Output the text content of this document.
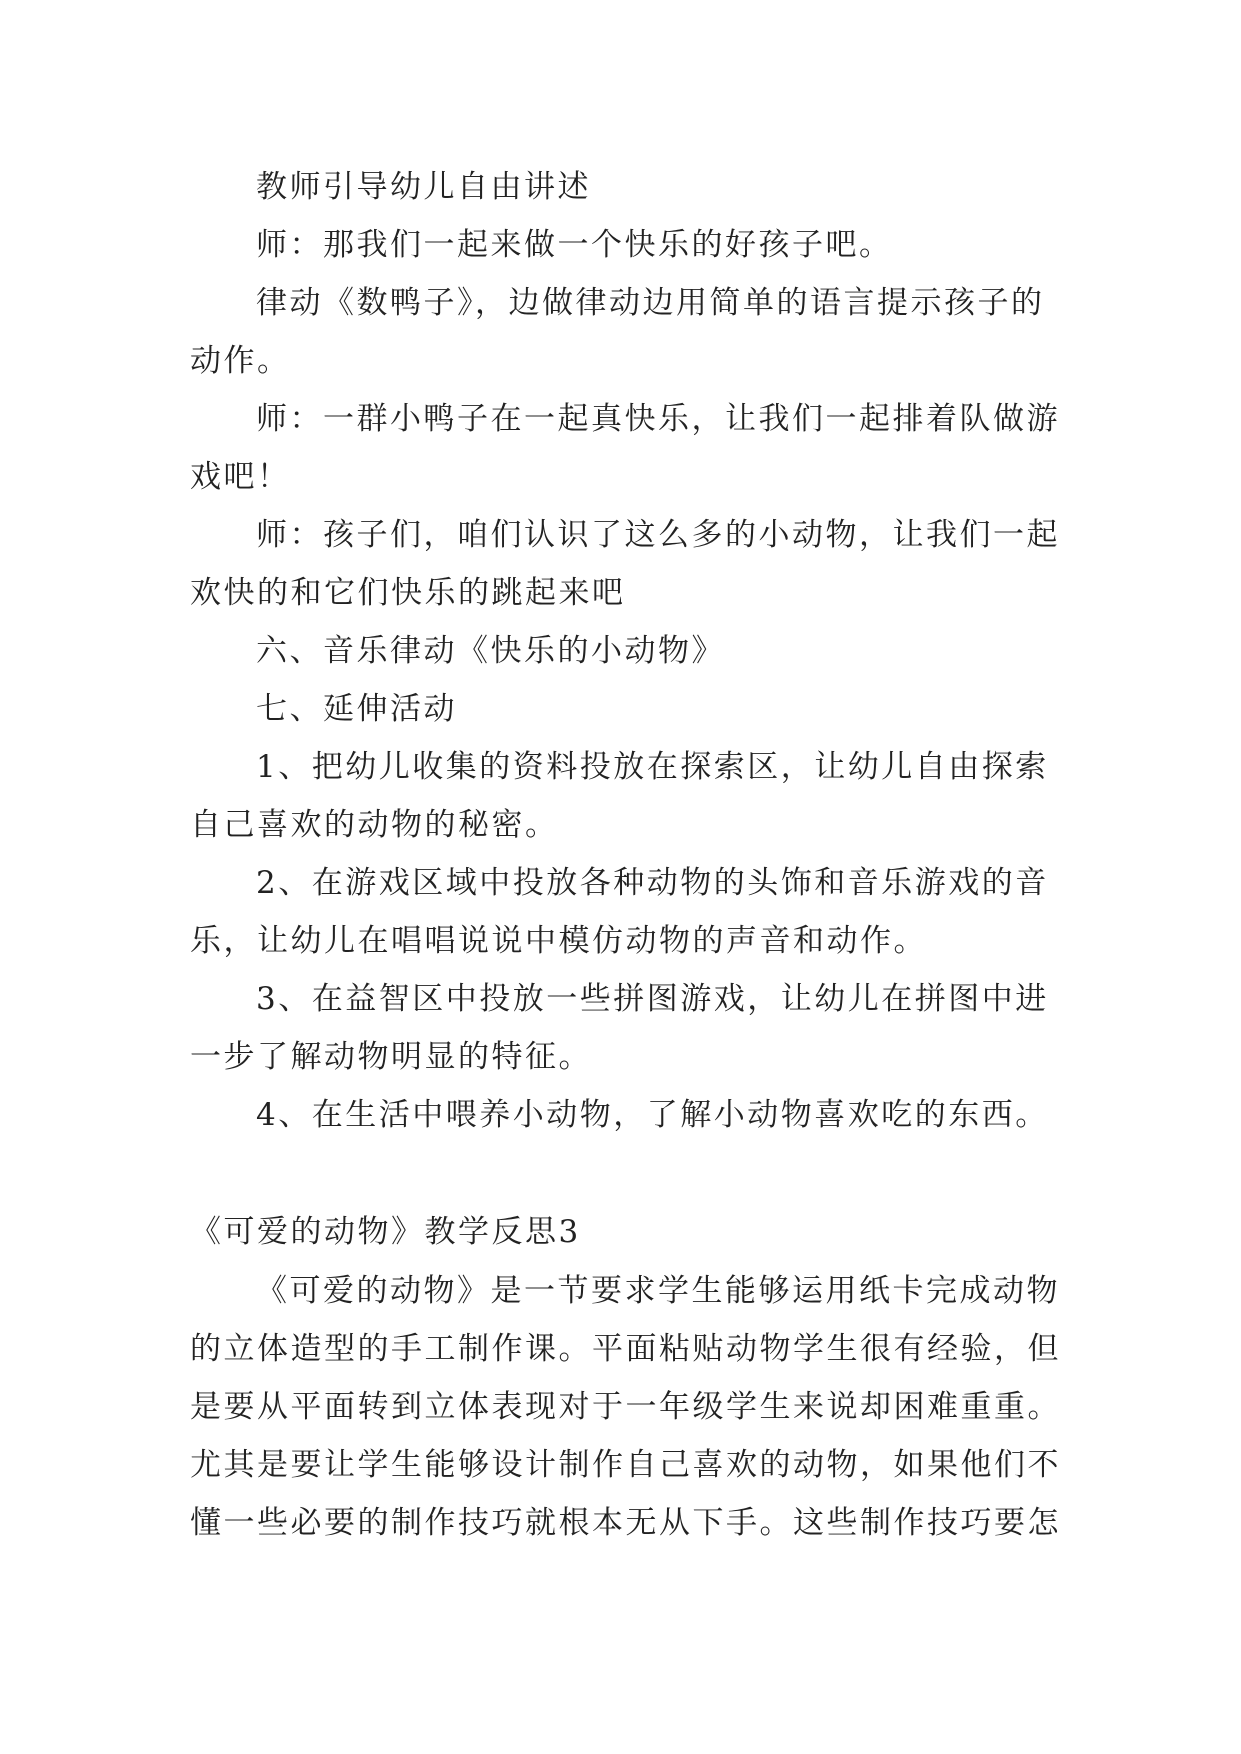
教师引导幼儿自由讲述
师：那我们一起来做一个快乐的好孩子吧。
律动《数鸭子》，边做律动边用简单的语言提示孩子的
动作。
师：一群小鸭子在一起真快乐，让我们一起排着队做游
戏吧！
师：孩子们，咱们认识了这么多的小动物，让我们一起
欢快的和它们快乐的跳起来吧
六、音乐律动《快乐的小动物》
七、延伸活动
1、把幼儿收集的资料投放在探索区，让幼儿自由探索
自己喜欢的动物的秘密。
2、在游戏区域中投放各种动物的头饰和音乐游戏的音
乐，让幼儿在唱唱说说中模仿动物的声音和动作。
3、在益智区中投放一些拼图游戏，让幼儿在拼图中进
一步了解动物明显的特征。
4、在生活中喂养小动物，了解小动物喜欢吃的东西。
《可爱的动物》教学反思3
《可爱的动物》是一节要求学生能够运用纸卡完成动物
的立体造型的手工制作课。平面粘贴动物学生很有经验，但
是要从平面转到立体表现对于一年级学生来说却困难重重。
尤其是要让学生能够设计制作自己喜欢的动物，如果他们不
懂一些必要的制作技巧就根本无从下手。这些制作技巧要怎
